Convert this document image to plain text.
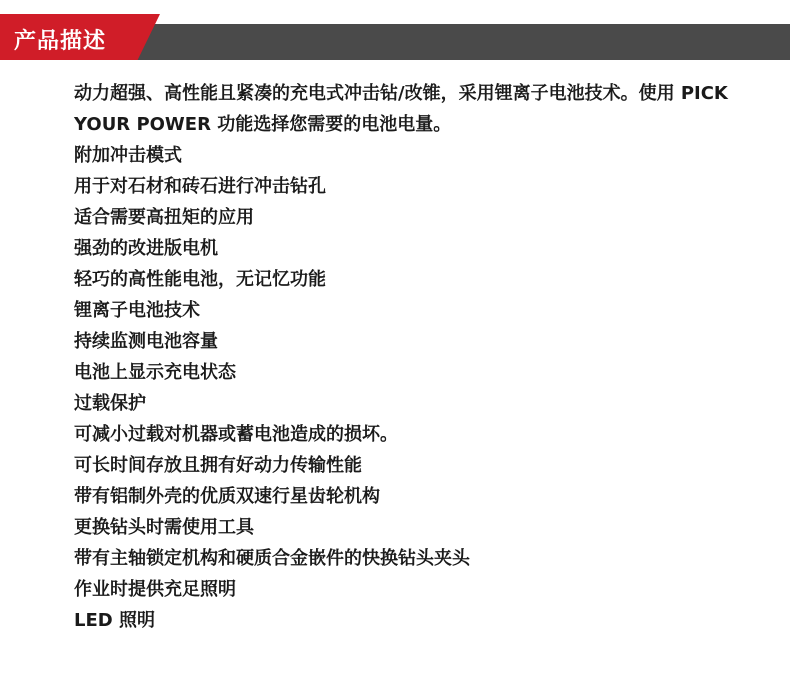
产品描述

动力超强、高性能且紧凑的充电式冲击钻/改锥，采用锂离子电池技术。使用 PICK YOUR POWER 功能选择您需要的电池电量。

附加冲击模式
用于对石材和砖石进行冲击钻孔
适合需要高扭矩的应用
强劲的改进版电机
轻巧的高性能电池，无记忆功能
锂离子电池技术
持续监测电池容量
电池上显示充电状态
过载保护
可减小过载对机器或蓄电池造成的损坏。
可长时间存放且拥有好动力传输性能
带有铝制外壳的优质双速行星齿轮机构
更换钻头时需使用工具
带有主轴锁定机构和硬质合金嵌件的快换钻头夹头
作业时提供充足照明
LED 照明
